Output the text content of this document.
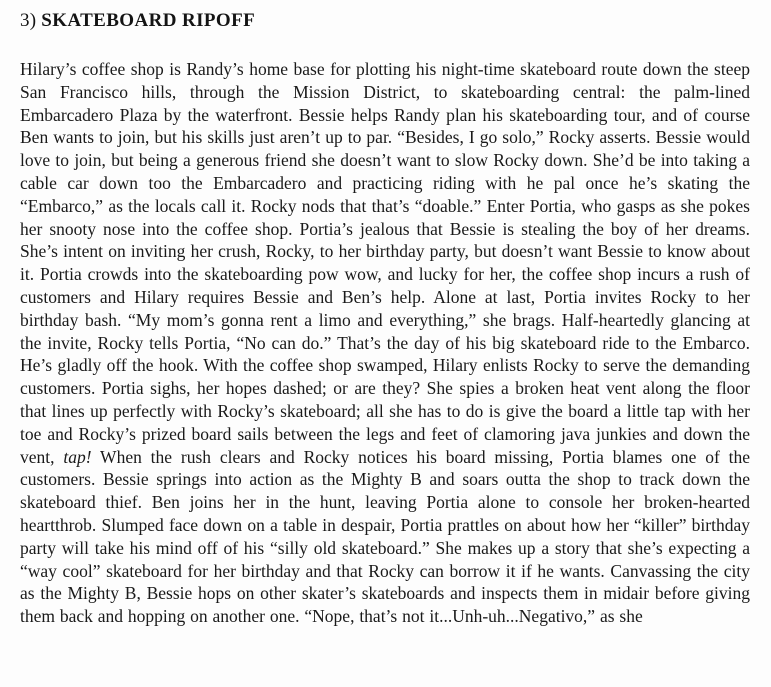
3) SKATEBOARD RIPOFF

Hilary’s coffee shop is Randy’s home base for plotting his night-time skateboard route down the steep San Francisco hills, through the Mission District, to skateboarding central: the palm-lined Embarcadero Plaza by the waterfront. Bessie helps Randy plan his skateboarding tour, and of course Ben wants to join, but his skills just aren’t up to par. “Besides, I go solo,” Rocky asserts. Bessie would love to join, but being a generous friend she doesn’t want to slow Rocky down. She’d be into taking a cable car down too the Embarcadero and practicing riding with he pal once he’s skating the “Embarco,” as the locals call it. Rocky nods that that’s “doable.” Enter Portia, who gasps as she pokes her snooty nose into the coffee shop. Portia’s jealous that Bessie is stealing the boy of her dreams. She’s intent on inviting her crush, Rocky, to her birthday party, but doesn’t want Bessie to know about it. Portia crowds into the skateboarding pow wow, and lucky for her, the coffee shop incurs a rush of customers and Hilary requires Bessie and Ben’s help. Alone at last, Portia invites Rocky to her birthday bash. “My mom’s gonna rent a limo and everything,” she brags. Half-heartedly glancing at the invite, Rocky tells Portia, “No can do.” That’s the day of his big skateboard ride to the Embarco. He’s gladly off the hook. With the coffee shop swamped, Hilary enlists Rocky to serve the demanding customers. Portia sighs, her hopes dashed; or are they? She spies a broken heat vent along the floor that lines up perfectly with Rocky’s skateboard; all she has to do is give the board a little tap with her toe and Rocky’s prized board sails between the legs and feet of clamoring java junkies and down the vent, tap! When the rush clears and Rocky notices his board missing, Portia blames one of the customers. Bessie springs into action as the Mighty B and soars outta the shop to track down the skateboard thief. Ben joins her in the hunt, leaving Portia alone to console her broken-hearted heartthrob. Slumped face down on a table in despair, Portia prattles on about how her “killer” birthday party will take his mind off of his “silly old skateboard.” She makes up a story that she’s expecting a “way cool” skateboard for her birthday and that Rocky can borrow it if he wants. Canvassing the city as the Mighty B, Bessie hops on other skater’s skateboards and inspects them in midair before giving them back and hopping on another one. “Nope, that’s not it...Unh-uh...Negativo,” as she
